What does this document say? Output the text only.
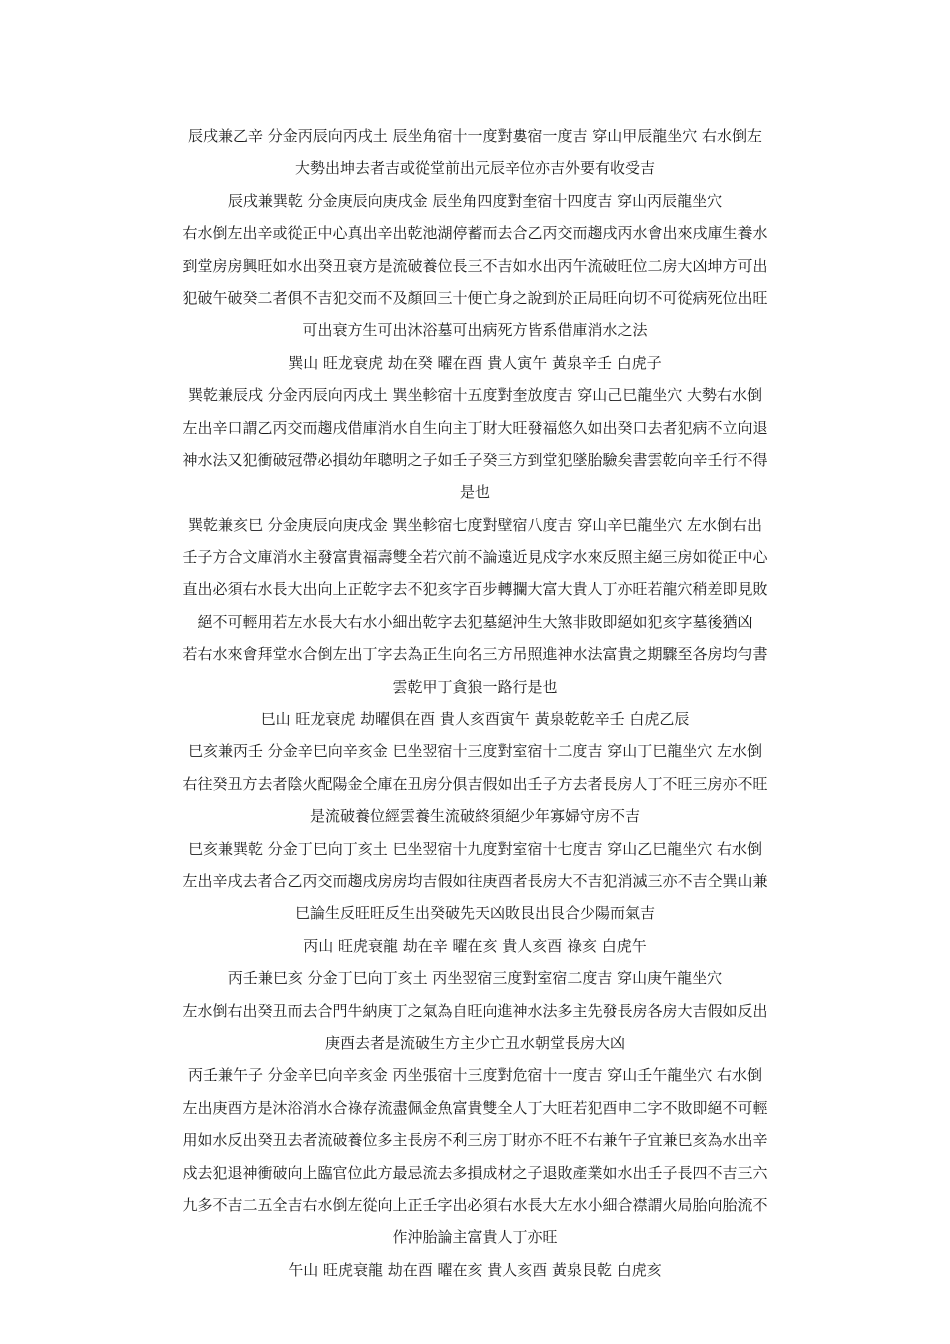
辰戌兼乙辛 分金丙辰向丙戌土 辰坐角宿十一度對婁宿一度吉 穿山甲辰龍坐穴 右水倒左
大勢出坤去者吉或從堂前出元辰辛位亦吉外要有收受吉
辰戌兼巽乾 分金庚辰向庚戌金 辰坐角四度對奎宿十四度吉 穿山丙辰龍坐穴
右水倒左出辛或從正中心真出辛出乾池湖停蓄而去合乙丙交而趨戌丙水會出來戌庫生養水
到堂房房興旺如水出癸丑衰方是流破養位長三不吉如水出丙午流破旺位二房大凶坤方可出
犯破午破癸二者俱不吉犯交而不及顏回三十便亡身之說到於正局旺向切不可從病死位出旺
可出衰方生可出沐浴墓可出病死方皆系借庫消水之法
巽山 旺龙衰虎 劫在癸 曜在酉 貴人寅午 黃泉辛壬 白虎子
巽乾兼辰戌 分金丙辰向丙戌土 巽坐軫宿十五度對奎放度吉 穿山己巳龍坐穴 大勢右水倒
左出辛口謂乙丙交而趨戌借庫消水自生向主丁財大旺發福悠久如出癸口去者犯病不立向退
神水法又犯衝破冠帶必損幼年聰明之子如壬子癸三方到堂犯墜胎驗矣書雲乾向辛壬行不得
是也
巽乾兼亥巳 分金庚辰向庚戌金 巽坐軫宿七度對壁宿八度吉 穿山辛巳龍坐穴 左水倒右出
壬子方合文庫消水主發富貴福壽雙全若穴前不論遠近見戍字水來反照主絕三房如從正中心
直出必須右水長大出向上正乾字去不犯亥字百步轉攔大富大貴人丁亦旺若龍穴稍差即見敗
絕不可輕用若左水長大右水小細出乾字去犯墓絕沖生大煞非敗即絕如犯亥字墓後猶凶
若右水來會拜堂水合倒左出丁字去為正生向名三方吊照進神水法富貴之期驟至各房均勻書
雲乾甲丁貪狼一路行是也
巳山 旺龙衰虎 劫曜俱在酉 貴人亥酉寅午 黃泉乾乾辛壬 白虎乙辰
巳亥兼丙壬 分金辛巳向辛亥金 巳坐翌宿十三度對室宿十二度吉 穿山丁巳龍坐穴 左水倒
右往癸丑方去者陰火配陽金仝庫在丑房分俱吉假如出壬子方去者長房人丁不旺三房亦不旺
是流破養位經雲養生流破終須絕少年寡婦守房不吉
巳亥兼巽乾 分金丁巳向丁亥土 巳坐翌宿十九度對室宿十七度吉 穿山乙巳龍坐穴 右水倒
左出辛戌去者合乙丙交而趨戌房房均吉假如往庚酉者長房大不吉犯消滅三亦不吉仝巽山兼
巳論生反旺旺反生出癸破先天凶敗艮出艮合少陽而氣吉
丙山 旺虎衰龍 劫在辛 曜在亥 貴人亥酉 祿亥 白虎午
丙壬兼巳亥 分金丁巳向丁亥土 丙坐翌宿三度對室宿二度吉 穿山庚午龍坐穴
左水倒右出癸丑而去合門牛納庚丁之氣為自旺向進神水法多主先發長房各房大吉假如反出
庚酉去者是流破生方主少亡丑水朝堂長房大凶
丙壬兼午子 分金辛巳向辛亥金 丙坐張宿十三度對危宿十一度吉 穿山壬午龍坐穴 右水倒
左出庚酉方是沐浴消水合祿存流盡佩金魚富貴雙全人丁大旺若犯酉申二字不敗即絕不可輕
用如水反出癸丑去者流破養位多主長房不利三房丁財亦不旺不右兼午子宜兼巳亥為水出辛
戍去犯退神衝破向上臨官位此方最忌流去多損成材之子退敗產業如水出壬子長四不吉三六
九多不吉二五全吉右水倒左從向上正壬字出必須右水長大左水小細合襟謂火局胎向胎流不
作沖胎論主富貴人丁亦旺
午山 旺虎衰龍 劫在酉 曜在亥 貴人亥酉 黃泉艮乾 白虎亥
